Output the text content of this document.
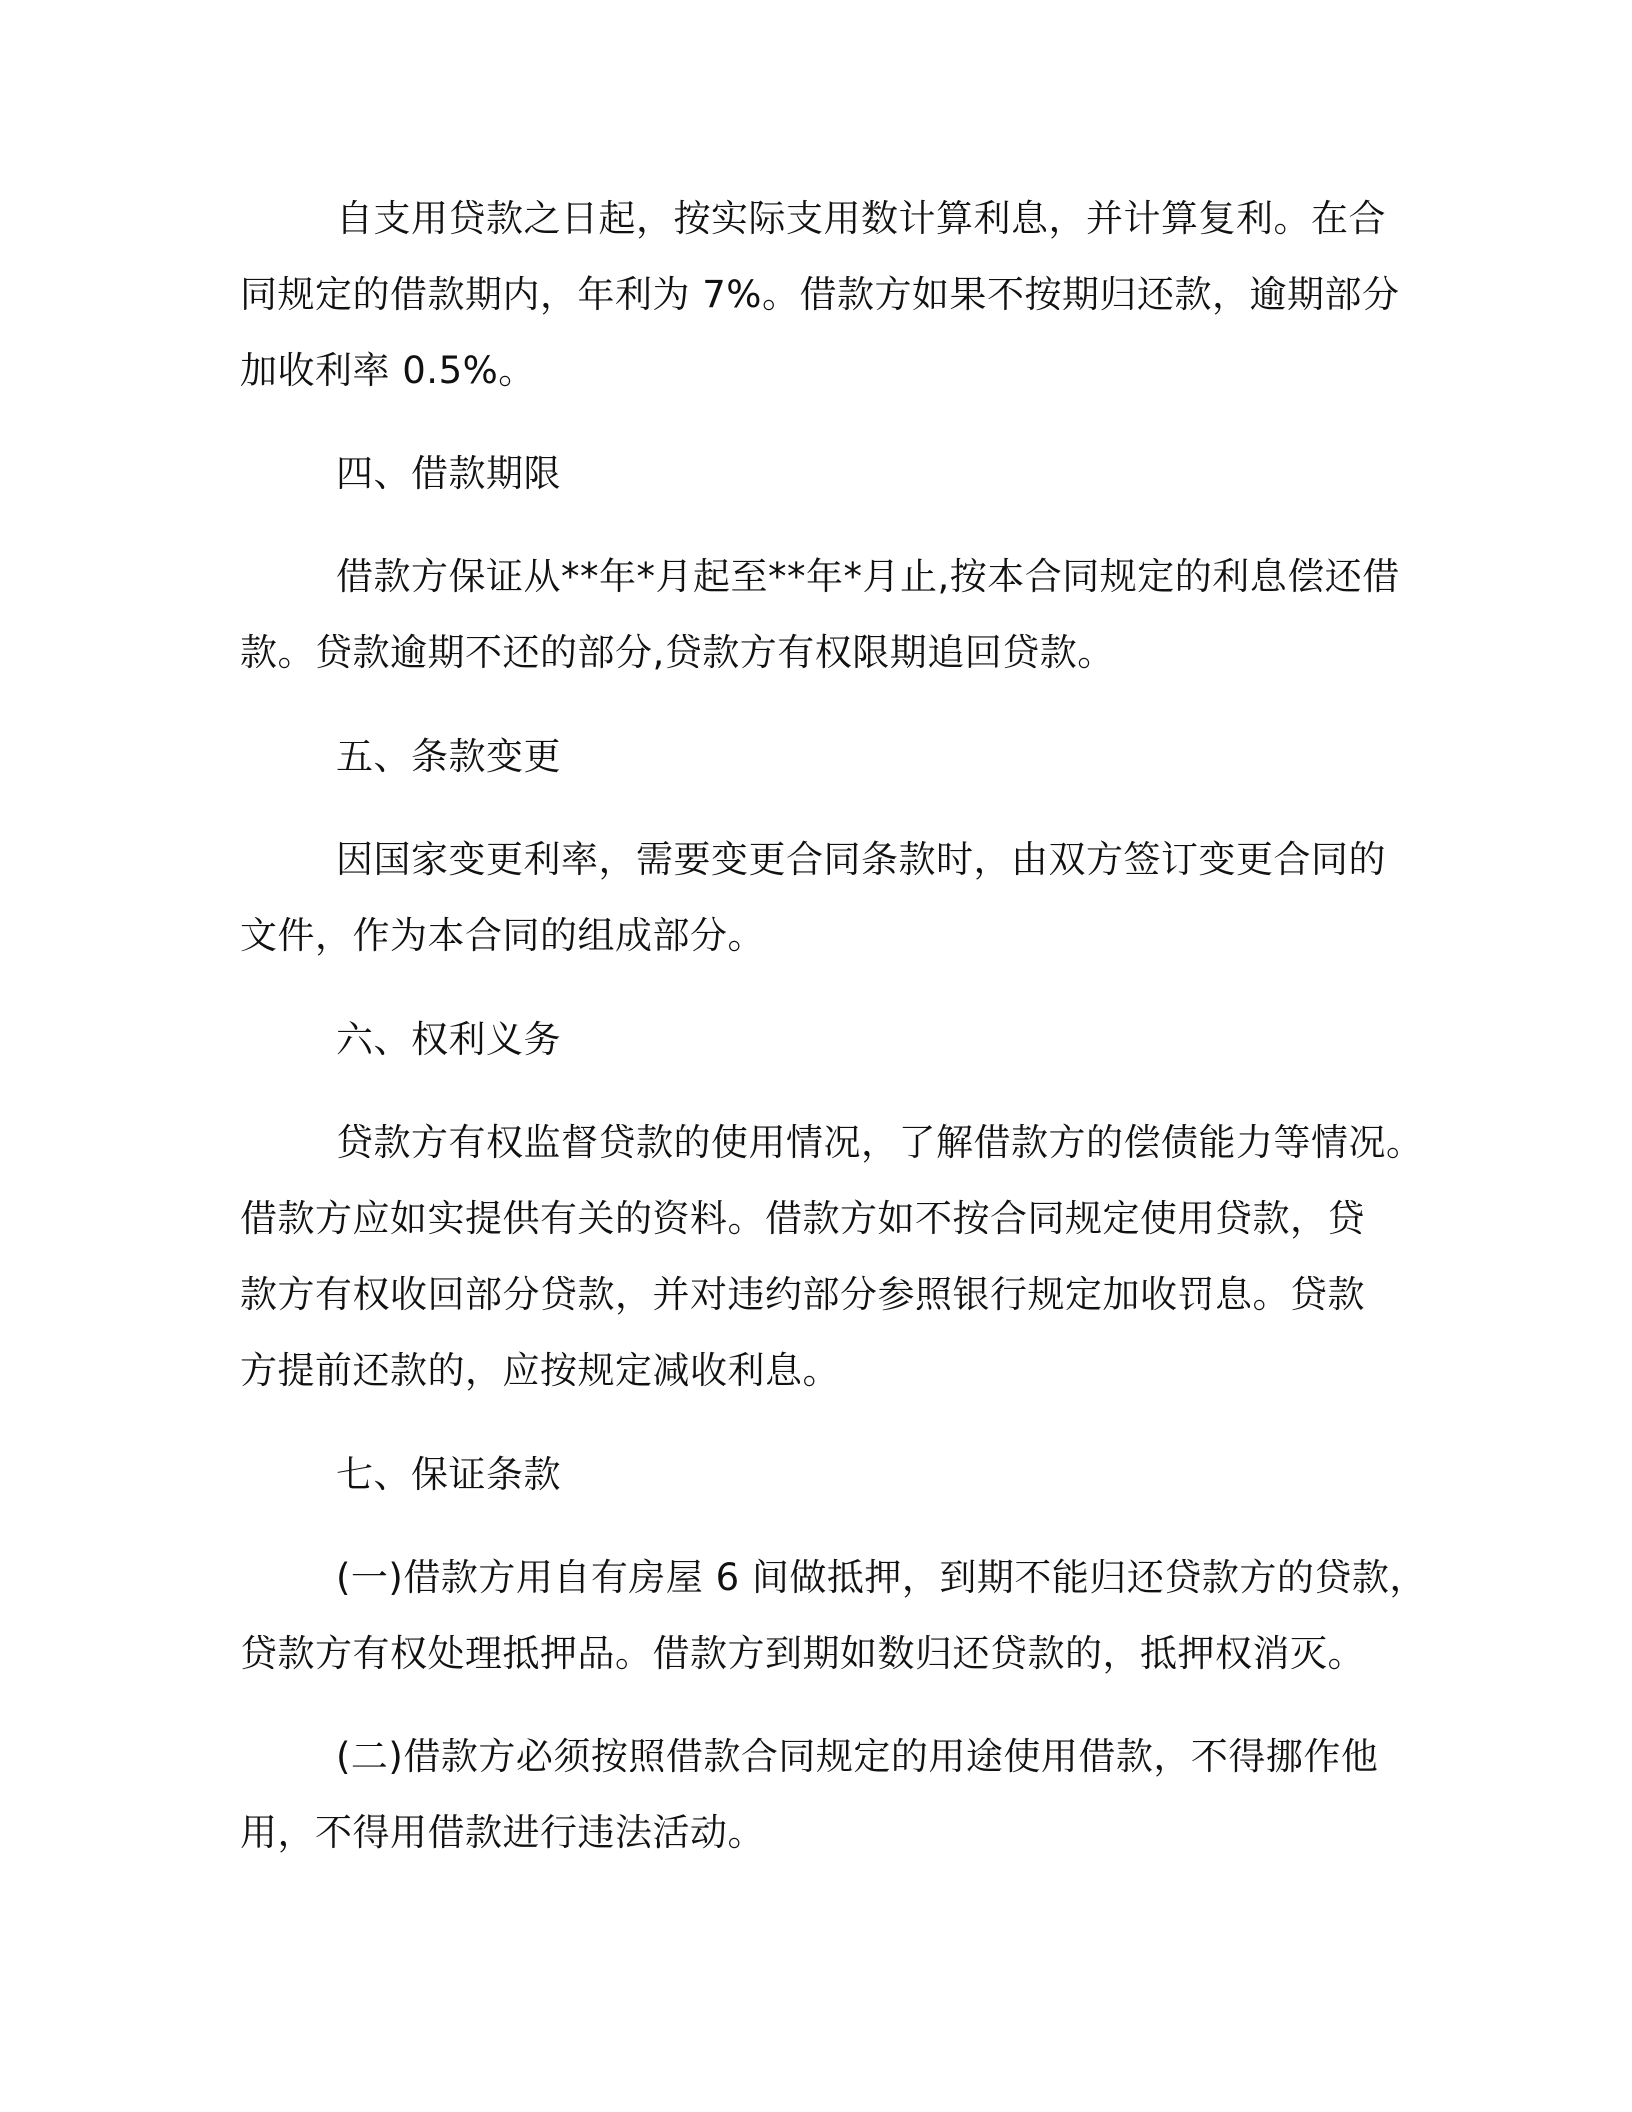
自支用贷款之日起，按实际支用数计算利息，并计算复利。在合
同规定的借款期内，年利为 7%。借款方如果不按期归还款，逾期部分
加收利率 0.5%。
四、借款期限
借款方保证从**年*月起至**年*月止,按本合同规定的利息偿还借
款。贷款逾期不还的部分,贷款方有权限期追回贷款。
五、条款变更
因国家变更利率，需要变更合同条款时，由双方签订变更合同的
文件，作为本合同的组成部分。
六、权利义务
贷款方有权监督贷款的使用情况，了解借款方的偿债能力等情况。
借款方应如实提供有关的资料。借款方如不按合同规定使用贷款，贷
款方有权收回部分贷款，并对违约部分参照银行规定加收罚息。贷款
方提前还款的，应按规定减收利息。
七、保证条款
(一)借款方用自有房屋 6 间做抵押，到期不能归还贷款方的贷款，
贷款方有权处理抵押品。借款方到期如数归还贷款的，抵押权消灭。
(二)借款方必须按照借款合同规定的用途使用借款，不得挪作他
用，不得用借款进行违法活动。
